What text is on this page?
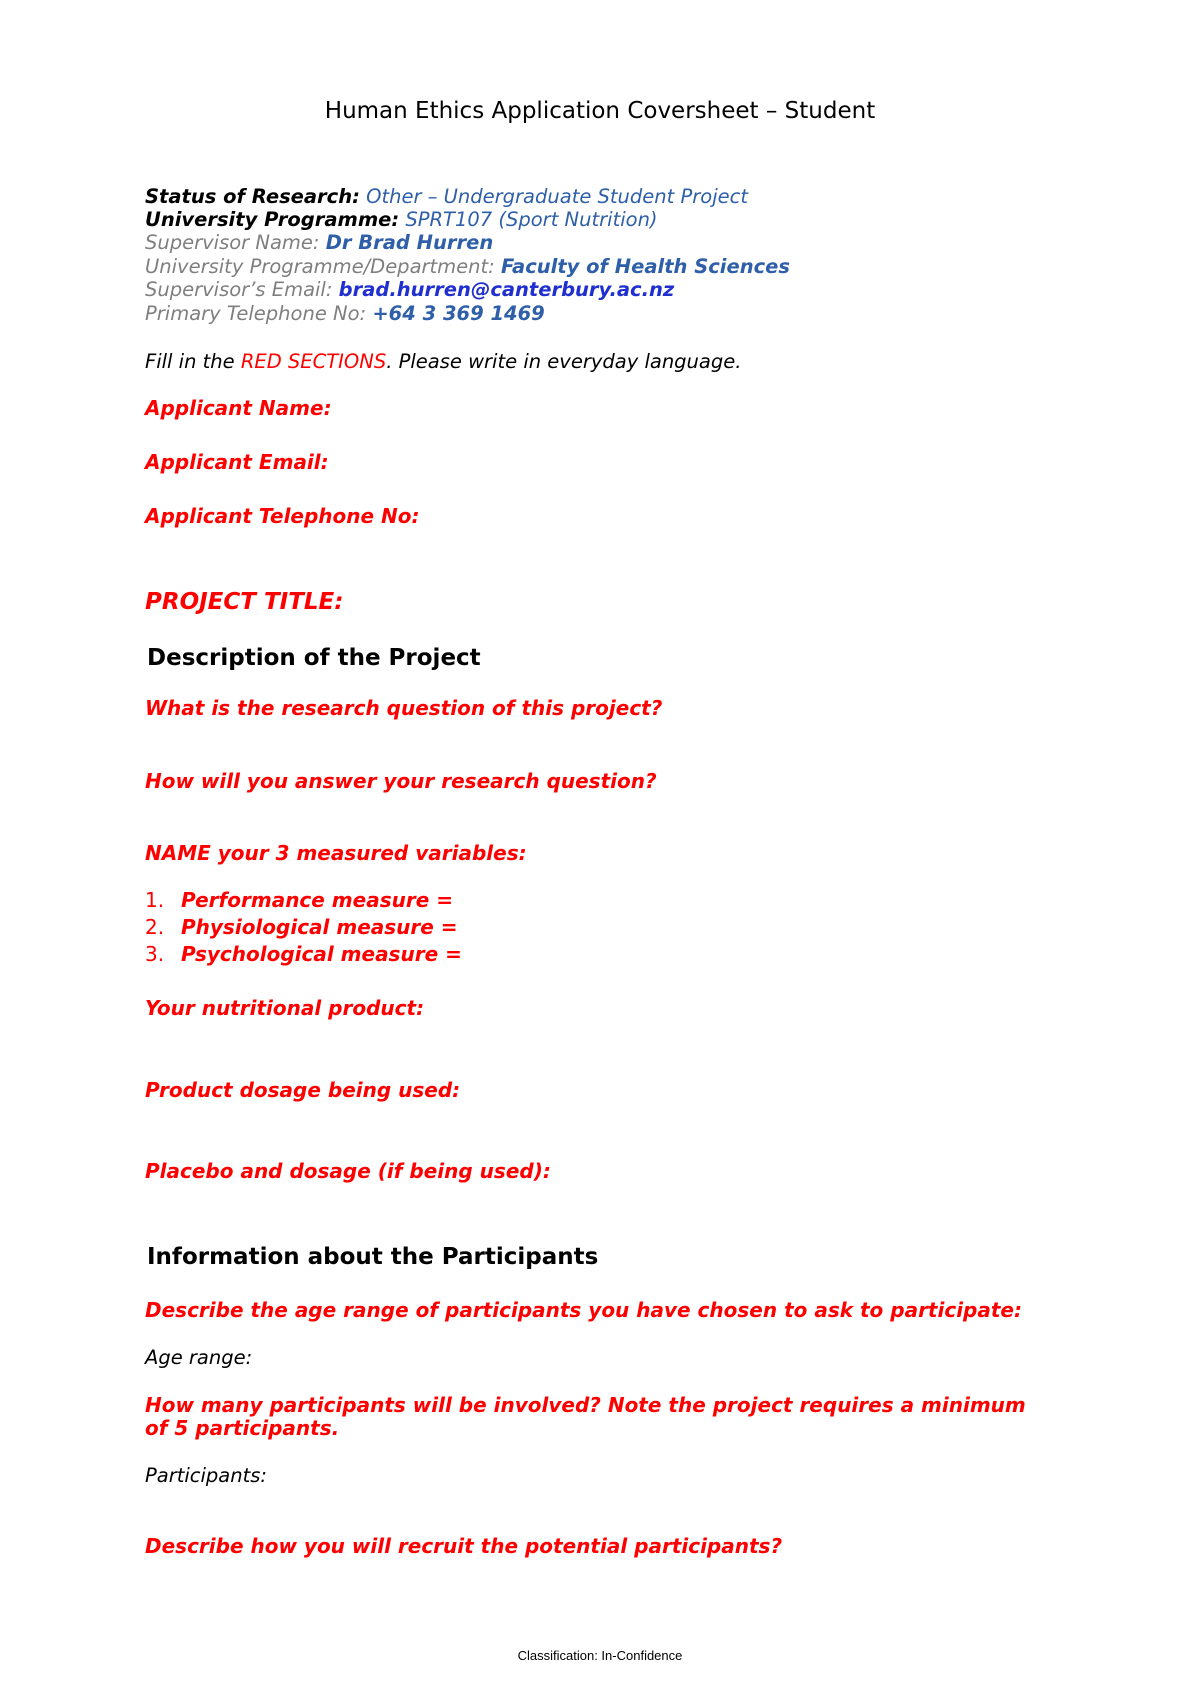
Human Ethics Application Coversheet – Student
Status of Research: Other – Undergraduate Student Project
University Programme: SPRT107 (Sport Nutrition)
Supervisor Name: Dr Brad Hurren
University Programme/Department: Faculty of Health Sciences
Supervisor’s Email: brad.hurren@canterbury.ac.nz
Primary Telephone No: +64 3 369 1469
Fill in the RED SECTIONS. Please write in everyday language.
Applicant Name:
Applicant Email:
Applicant Telephone No:
PROJECT TITLE:
Description of the Project
What is the research question of this project?
How will you answer your research question?
NAME your 3 measured variables:
1. Performance measure =
2. Physiological measure =
3. Psychological measure =
Your nutritional product:
Product dosage being used:
Placebo and dosage (if being used):
Information about the Participants
Describe the age range of participants you have chosen to ask to participate:
Age range:
How many participants will be involved? Note the project requires a minimum
of 5 participants.
Participants:
Describe how you will recruit the potential participants?
Classification: In-Confidence
